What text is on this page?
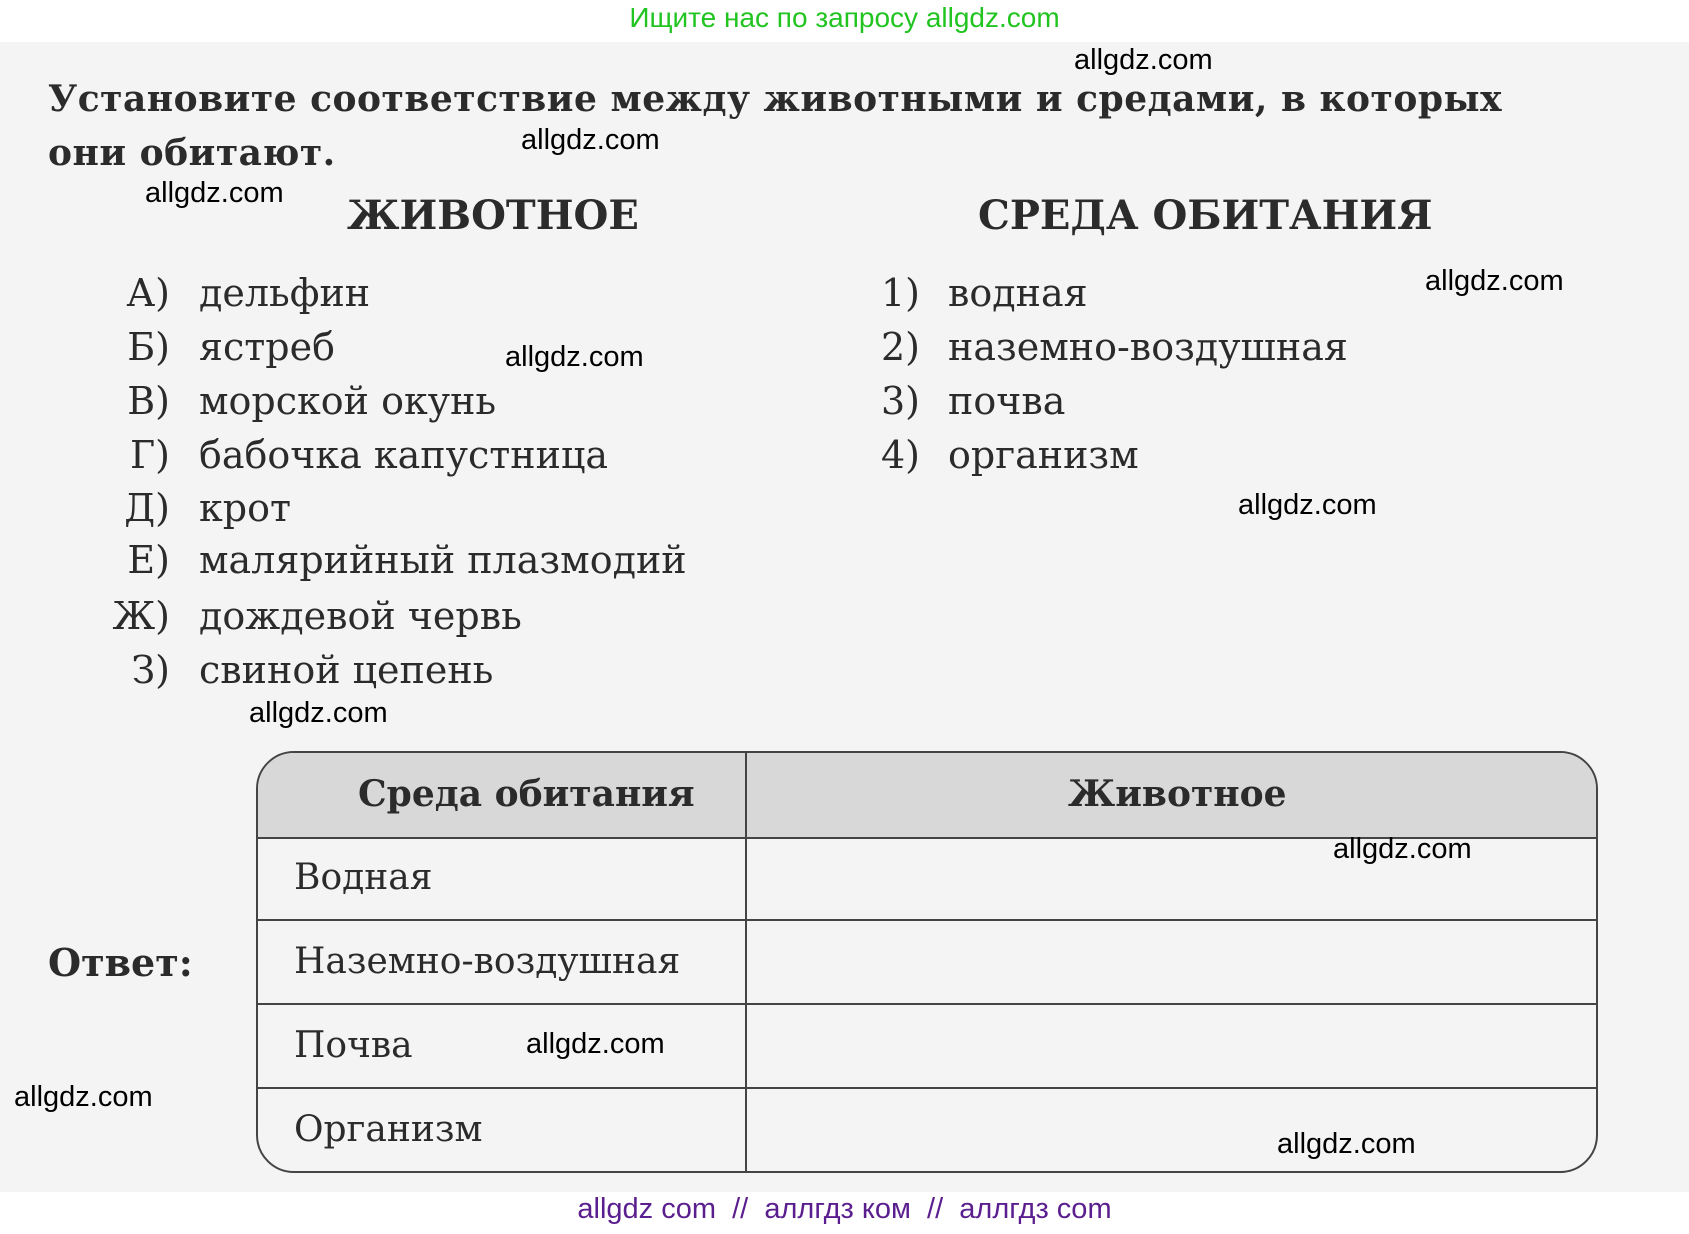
Ищите нас по запросу allgdz.com
Установите соответствие между животными и средами, в которых
они обитают.
ЖИВОТНОЕ	СРЕДА ОБИТАНИЯ
А) дельфин
Б) ястреб
В) морской окунь
Г) бабочка капустница
Д) крот
Е) малярийный плазмодий
Ж) дождевой червь
З) свиной цепень
1) водная
2) наземно-воздушная
3) почва
4) организм
Ответ:
Среда обитания	Животное
Водная
Наземно-воздушная
Почва
Организм
allgdz.com
allgdz.com
allgdz.com
allgdz.com
allgdz.com
allgdz.com
allgdz.com
allgdz.com
allgdz.com
allgdz.com
allgdz.com
allgdz com  //  аллгдз ком  //  аллгдз com
